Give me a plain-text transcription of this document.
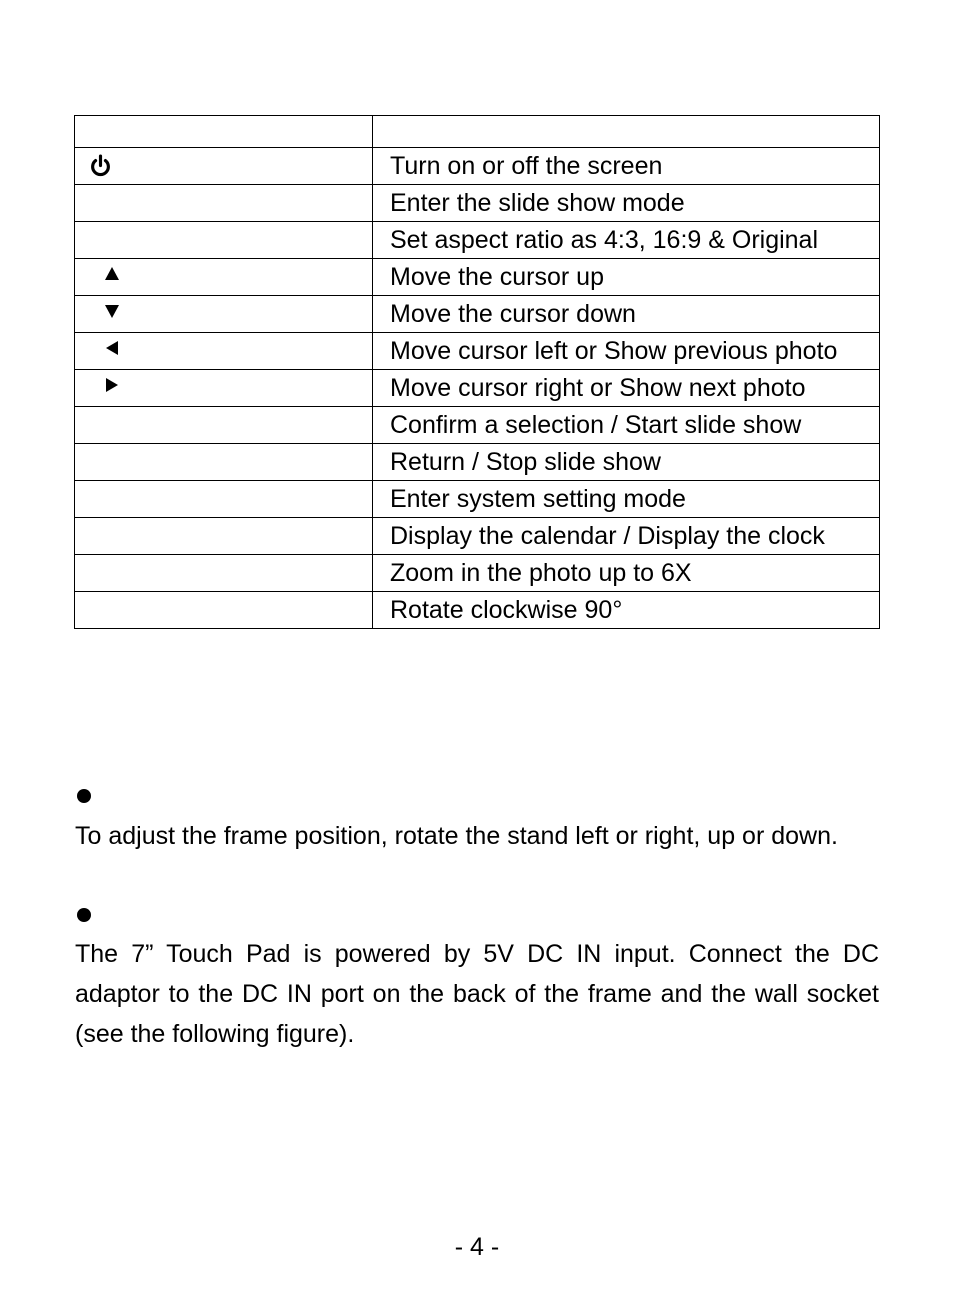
	Turn on or off the screen
	Enter the slide show mode
	Set aspect ratio as 4:3, 16:9 & Original

	Move the cursor up

	Move the cursor down

	Move cursor left or Show previous photo

	Move cursor right or Show next photo
	Confirm a selection / Start slide show
	Return / Stop slide show
	Enter system setting mode
	Display the calendar / Display the clock
	Zoom in the photo up to 6X
	Rotate clockwise 90°

To adjust the frame position, rotate the stand left or right, up or down.

The 7” Touch Pad is powered by 5V DC IN input. Connect the DC adaptor to the DC IN port on the back of the frame and the wall socket (see the following figure).

- 4 -
